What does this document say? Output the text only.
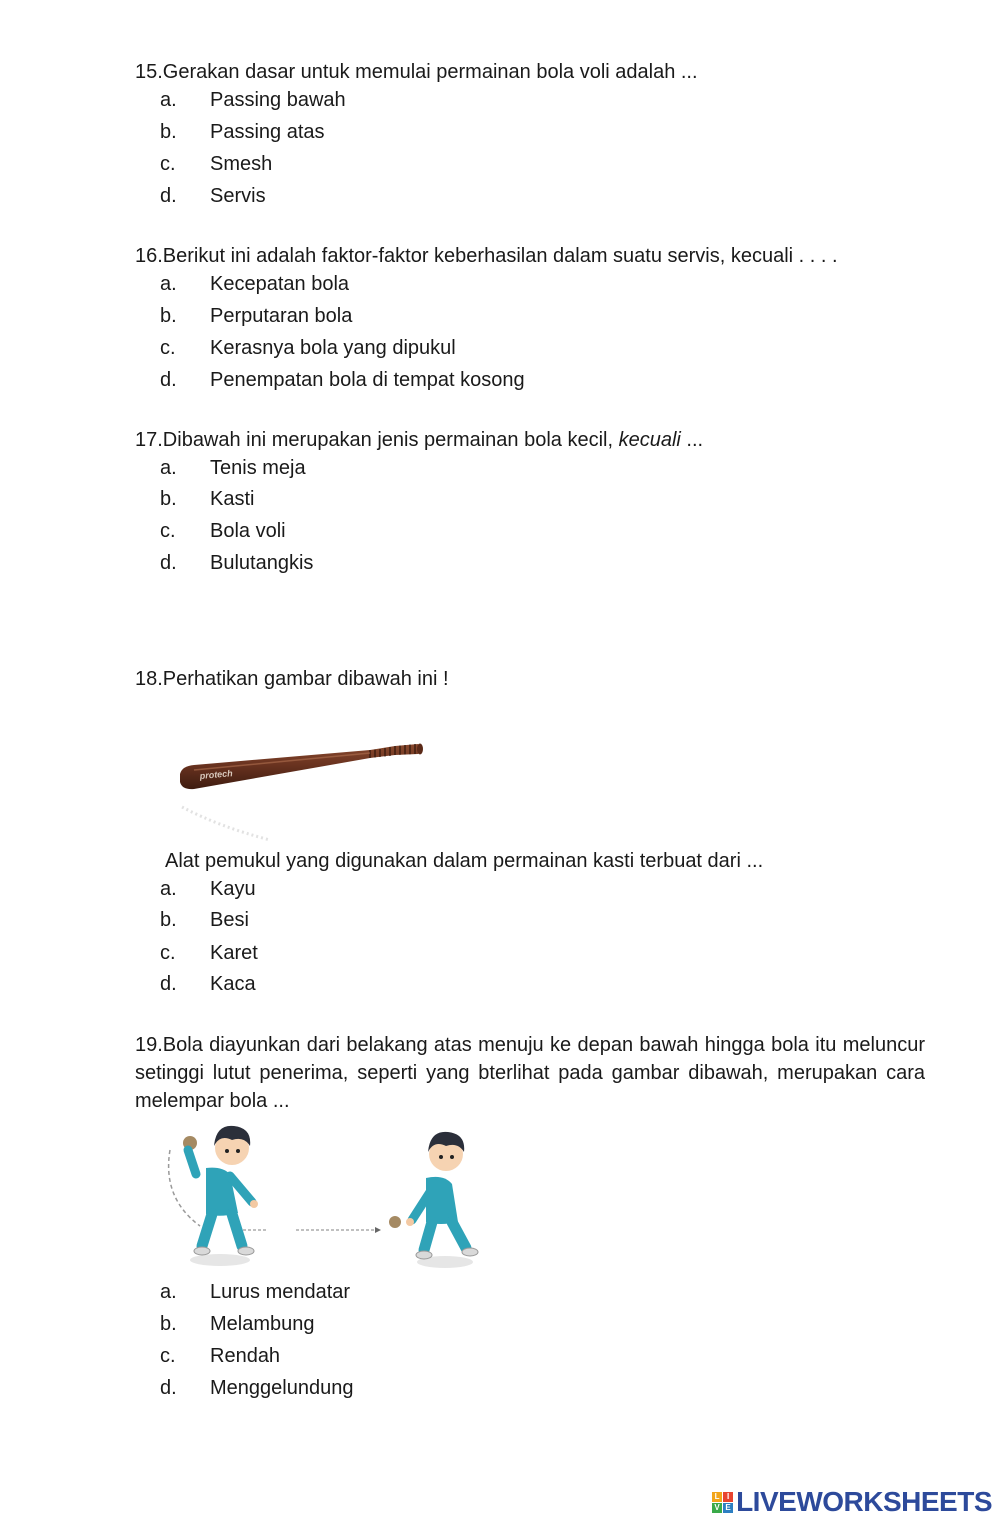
15.Gerakan dasar untuk memulai permainan bola voli adalah ...
a. Passing bawah
b. Passing atas
c. Smesh
d. Servis
16.Berikut ini adalah faktor-faktor keberhasilan dalam suatu servis, kecuali . . . .
a. Kecepatan bola
b. Perputaran bola
c. Kerasnya bola yang dipukul
d. Penempatan bola di tempat kosong
17.Dibawah ini merupakan jenis permainan bola kecil, kecuali ...
a. Tenis meja
b. Kasti
c. Bola voli
d. Bulutangkis
18.Perhatikan gambar dibawah ini !
protech
Alat pemukul yang digunakan dalam permainan kasti terbuat dari ...
a. Kayu
b. Besi
c. Karet
d. Kaca
19.Bola diayunkan dari belakang atas menuju ke depan bawah hingga bola itu meluncur setinggi lutut penerima, seperti yang bterlihat pada gambar dibawah, merupakan cara melempar bola ...
a. Lurus mendatar
b. Melambung
c. Rendah
d. Menggelundung
L I
V E LIVEWORKSHEETS
